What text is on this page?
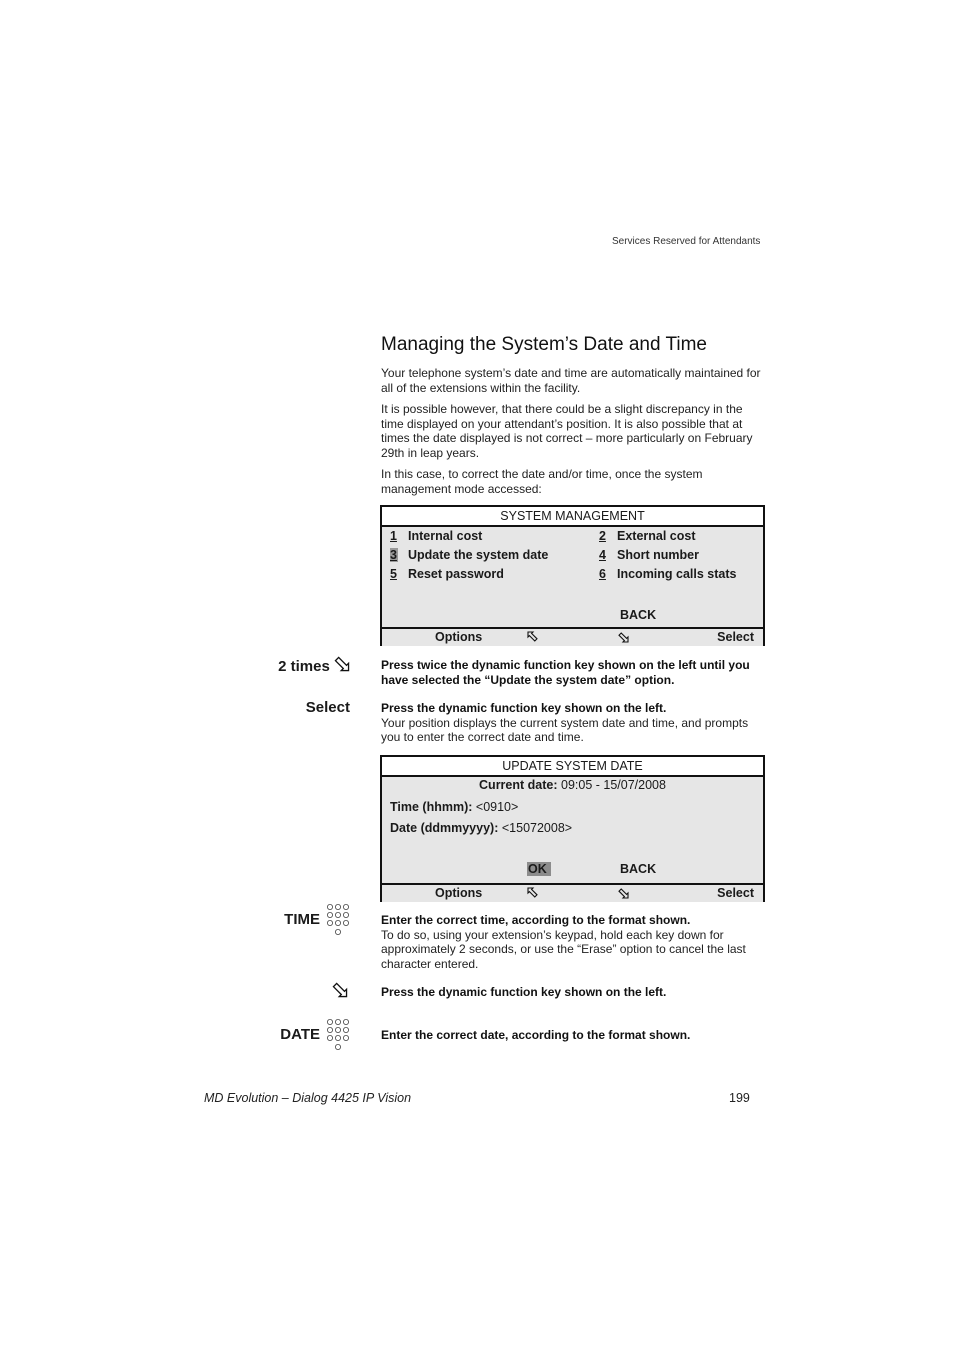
Services Reserved for Attendants
Managing the System’s Date and Time

Your telephone system’s date and time are automatically maintained for all of the extensions within the facility.

It is possible however, that there could be a slight discrepancy in the time displayed on your attendant’s position. It is also possible that at times the date displayed is not correct – more particularly on February 29th in leap years.

In this case, to correct the date and/or time, once the system management mode accessed:

SYSTEM MANAGEMENT
1 Internal cost	2 External cost
3 Update the system date	4 Short number
5 Reset password	6 Incoming calls stats
BACK
Options	Select
2 times	Press twice the dynamic function key shown on the left until you have selected the “Update the system date” option.
Select	Press the dynamic function key shown on the left.

Your position displays the current system date and time, and prompts you to enter the correct date and time.

UPDATE SYSTEM DATE
Current date: 09:05 - 15/07/2008
Time (hhmm): <0910>
Date (ddmmyyyy): <15072008>
OK	BACK
Options	Select
TIME	Enter the correct time, according to the format shown.

To do so, using your extension’s keypad, hold each key down for approximately 2 seconds, or use the “Erase” option to cancel the last character entered.

Press the dynamic function key shown on the left.
DATE	Enter the correct date, according to the format shown.
MD Evolution – Dialog 4425 IP Vision	199
